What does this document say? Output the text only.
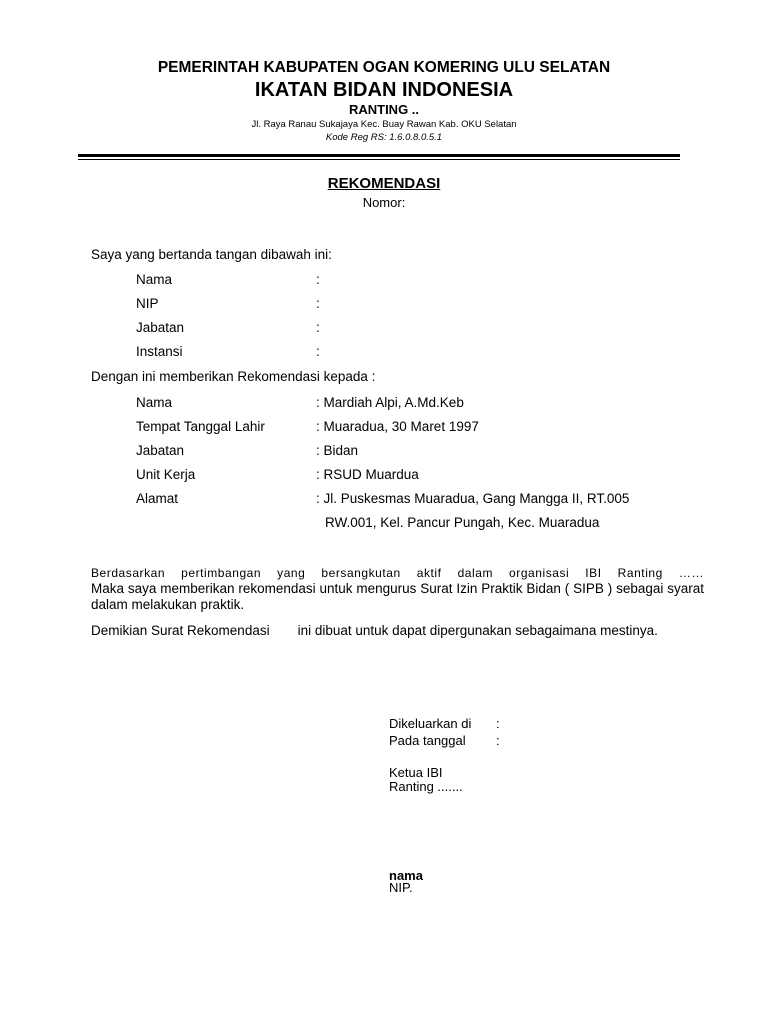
PEMERINTAH KABUPATEN OGAN KOMERING ULU SELATAN
IKATAN BIDAN INDONESIA
RANTING ..
Jl. Raya Ranau Sukajaya Kec. Buay Rawan Kab. OKU Selatan
Kode Reg RS: 1.6.0.8.0.5.1
REKOMENDASI
Nomor:
Saya yang bertanda tangan dibawah ini:
Nama	:
NIP	:
Jabatan	:
Instansi	:
Dengan ini memberikan Rekomendasi kepada :
Nama	: Mardiah Alpi, A.Md.Keb
Tempat Tanggal Lahir	: Muaradua, 30 Maret 1997
Jabatan	: Bidan
Unit Kerja	: RSUD Muardua
Alamat	: Jl. Puskesmas Muaradua, Gang Mangga II, RT.005
RW.001, Kel. Pancur Pungah, Kec. Muaradua
Berdasarkan pertimbangan yang bersangkutan aktif dalam organisasi IBI Ranting ……
Maka saya memberikan rekomendasi untuk mengurus Surat Izin Praktik Bidan ( SIPB ) sebagai syarat dalam melakukan praktik.
Demikian Surat Rekomendasi ini dibuat untuk dapat dipergunakan sebagaimana mestinya.
Dikeluarkan di :
Pada tanggal :
Ketua IBI
Ranting .......
nama
NIP.
